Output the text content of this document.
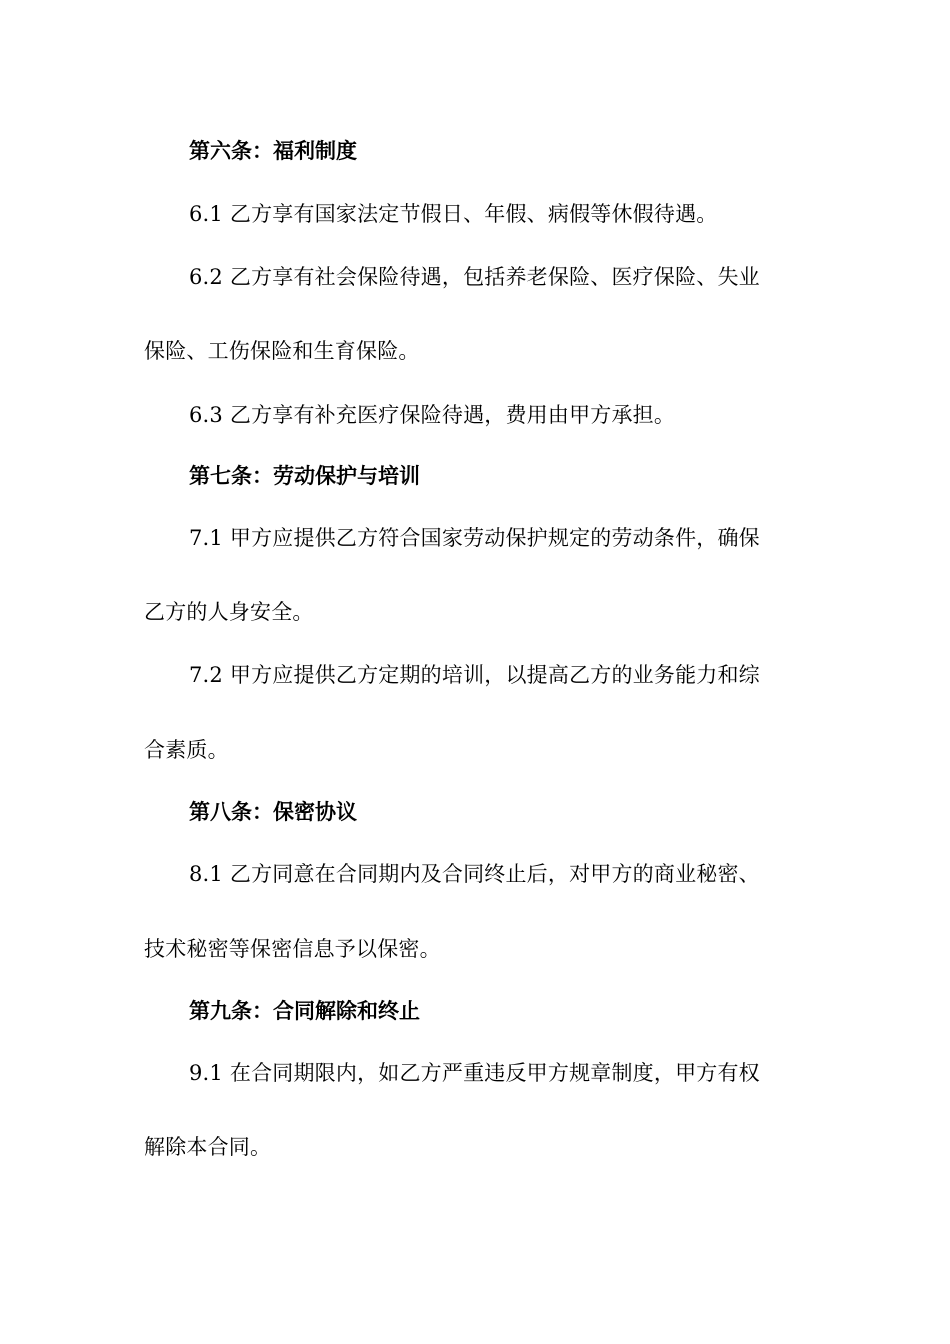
第六条：福利制度
6.1 乙方享有国家法定节假日、年假、病假等休假待遇。
6.2 乙方享有社会保险待遇，包括养老保险、医疗保险、失业
保险、工伤保险和生育保险。
6.3 乙方享有补充医疗保险待遇，费用由甲方承担。
第七条：劳动保护与培训
7.1 甲方应提供乙方符合国家劳动保护规定的劳动条件，确保
乙方的人身安全。
7.2 甲方应提供乙方定期的培训，以提高乙方的业务能力和综
合素质。
第八条：保密协议
8.1 乙方同意在合同期内及合同终止后，对甲方的商业秘密、
技术秘密等保密信息予以保密。
第九条：合同解除和终止
9.1 在合同期限内，如乙方严重违反甲方规章制度，甲方有权
解除本合同。
